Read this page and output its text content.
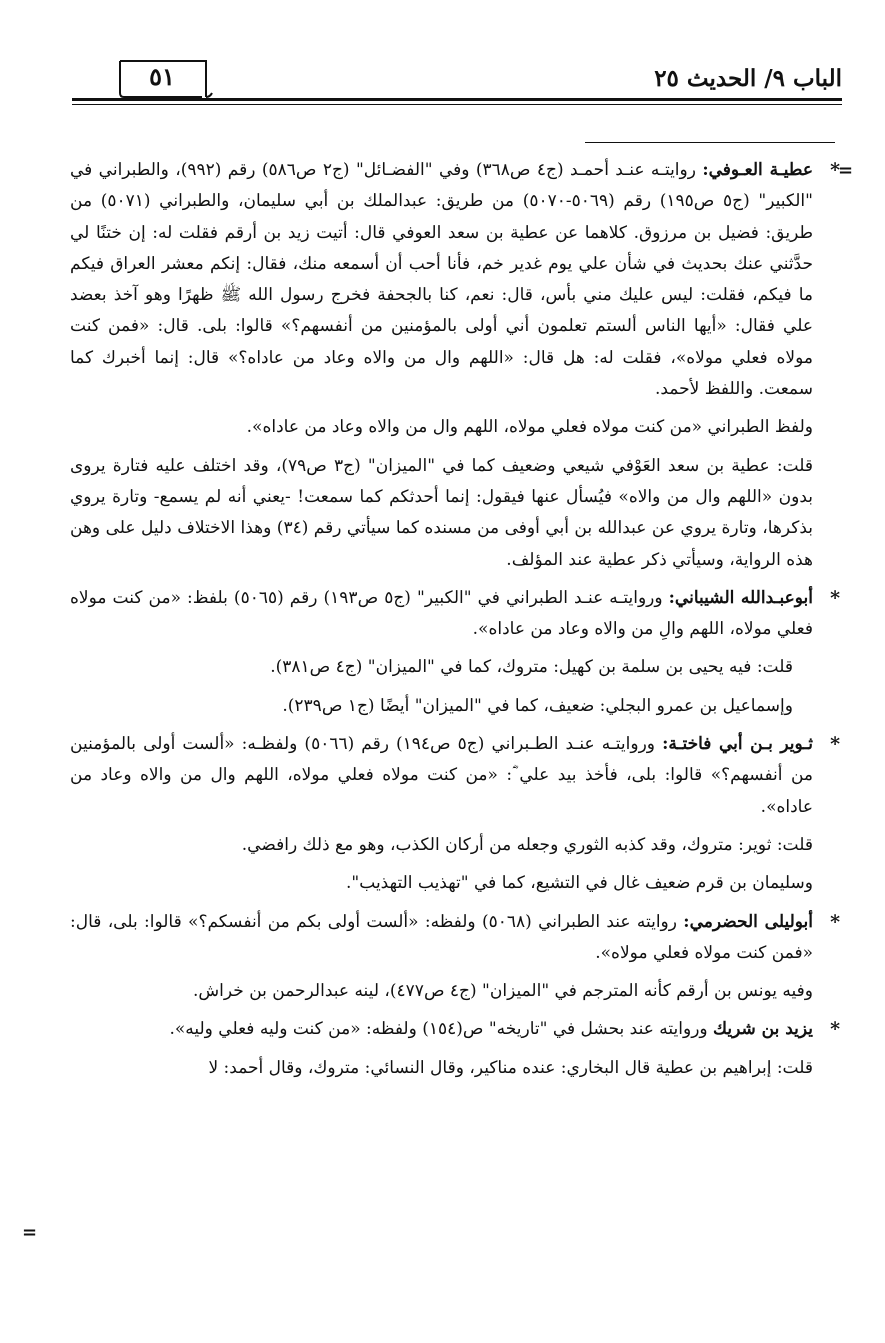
الباب ٩/ الحديث ٢٥
٥١
=

*
عطيـة العـوفي: روايتـه عنـد أحمـد (ج٤ ص٣٦٨) وفي "الفضـائل" (ج٢ ص٥٨٦) رقم (٩٩٢)، والطبراني في "الكبير" (ج٥ ص١٩٥) رقم (٥٠٦٩-٥٠٧٠) من طريق: عبدالملك بن أبي سليمان، والطبراني (٥٠٧١) من طريق: فضيل بن مرزوق. كلاهما عن عطية بن سعد العوفي قال: أتيت زيد بن أرقم فقلت له: إن ختنًا لي حدَّثني عنك بحديث في شأن علي يوم غدير خم، فأنا أحب أن أسمعه منك، فقال: إنكم معشر العراق فيكم ما فيكم، فقلت: ليس عليك مني بأس، قال: نعم، كنا بالجحفة فخرج رسول الله ﷺ ظهرًا وهو آخذ بعضد علي فقال: «أيها الناس ألستم تعلمون أني أولى بالمؤمنين من أنفسهم؟» قالوا: بلى. قال: «فمن كنت مولاه فعلي مولاه»، فقلت له: هل قال: «اللهم وال من والاه وعاد من عاداه؟» قال: إنما أخبرك كما سمعت. واللفظ لأحمد.

ولفظ الطبراني «من كنت مولاه فعلي مولاه، اللهم وال من والاه وعاد من عاداه».

قلت: عطية بن سعد العَوْفي شيعي وضعيف كما في "الميزان" (ج٣ ص٧٩)، وقد اختلف عليه فتارة يروى بدون «اللهم وال من والاه» فيُسأل عنها فيقول: إنما أحدثكم كما سمعت! -يعني أنه لم يسمع- وتارة يروي بذكرها، وتارة يروي عن عبدالله بن أبي أوفى من مسنده كما سيأتي رقم (٣٤) وهذا الاختلاف دليل على وهن هذه الرواية، وسيأتي ذكر عطية عند المؤلف.

*
أبوعبـدالله الشيباني: وروايتـه عنـد الطبراني في "الكبير" (ج٥ ص١٩٣) رقم (٥٠٦٥) بلفظ: «من كنت مولاه فعلي مولاه، اللهم والِ من والاه وعاد من عاداه».

قلت: فيه يحيى بن سلمة بن كهيل: متروك، كما في "الميزان" (ج٤ ص٣٨١).

وإسماعيل بن عمرو البجلي: ضعيف، كما في "الميزان" أيضًا (ج١ ص٢٣٩).

*
ثـوير بـن أبي فاختـة: وروايتـه عنـد الطـبراني (ج٥ ص١٩٤) رقم (٥٠٦٦) ولفظـه: «ألست أولى بالمؤمنين من أنفسهم؟» قالوا: بلى، فأخذ بيد علي ؓ: «من كنت مولاه فعلي مولاه، اللهم وال من والاه وعاد من عاداه».

قلت: ثوير: متروك، وقد كذبه الثوري وجعله من أركان الكذب، وهو مع ذلك رافضي.

وسليمان بن قرم ضعيف غال في التشيع، كما في "تهذيب التهذيب".

*
أبوليلى الحضرمي: روايته عند الطبراني (٥٠٦٨) ولفظه: «ألست أولى بكم من أنفسكم؟» قالوا: بلى، قال: «فمن كنت مولاه فعلي مولاه».

وفيه يونس بن أرقم كأنه المترجم في "الميزان" (ج٤ ص٤٧٧)، لينه عبدالرحمن بن خراش.

*
يزيد بن شريك وروايته عند بحشل في "تاريخه" ص(١٥٤) ولفظه: «من كنت وليه فعلي وليه».

قلت: إبراهيم بن عطية قال البخاري: عنده مناكير، وقال النسائي: متروك، وقال أحمد: لا

=
